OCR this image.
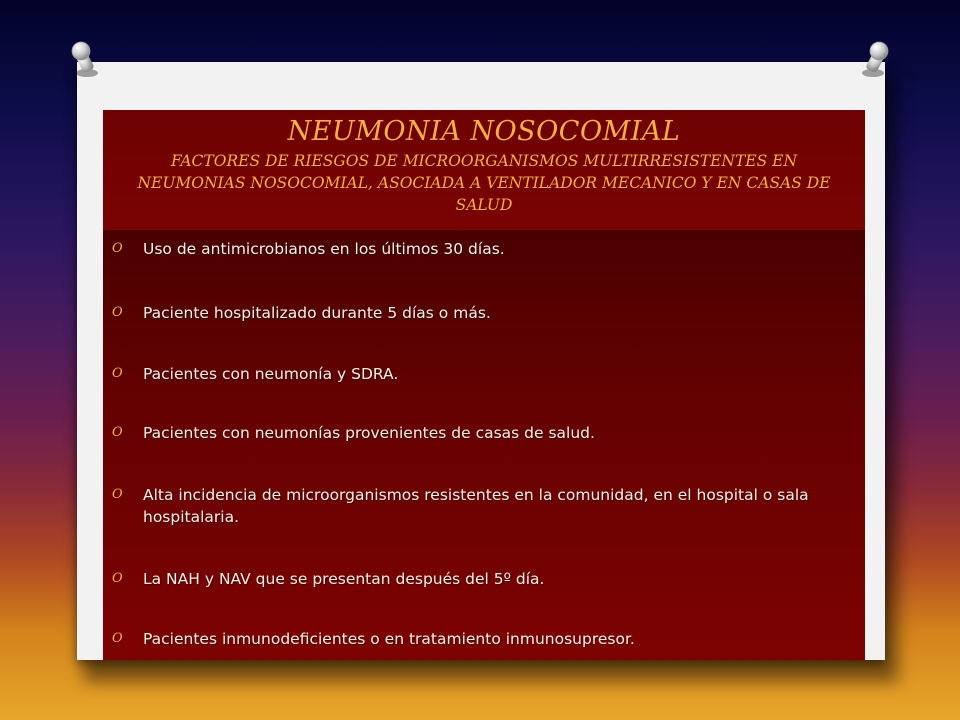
NEUMONIA NOSOCOMIAL
FACTORES DE RIESGOS DE MICROORGANISMOS MULTIRRESISTENTES EN NEUMONIAS NOSOCOMIAL, ASOCIADA A VENTILADOR MECANICO Y EN CASAS DE SALUD
O Uso de antimicrobianos en los últimos 30 días.
O Paciente hospitalizado durante 5 días o más.
O Pacientes con neumonía y SDRA.
O Pacientes con neumonías provenientes de casas de salud.
O Alta incidencia de microorganismos resistentes en la comunidad, en el hospital o sala hospitalaria.
O La NAH y NAV que se presentan después del 5º día.
O Pacientes inmunodeficientes o en tratamiento inmunosupresor.
